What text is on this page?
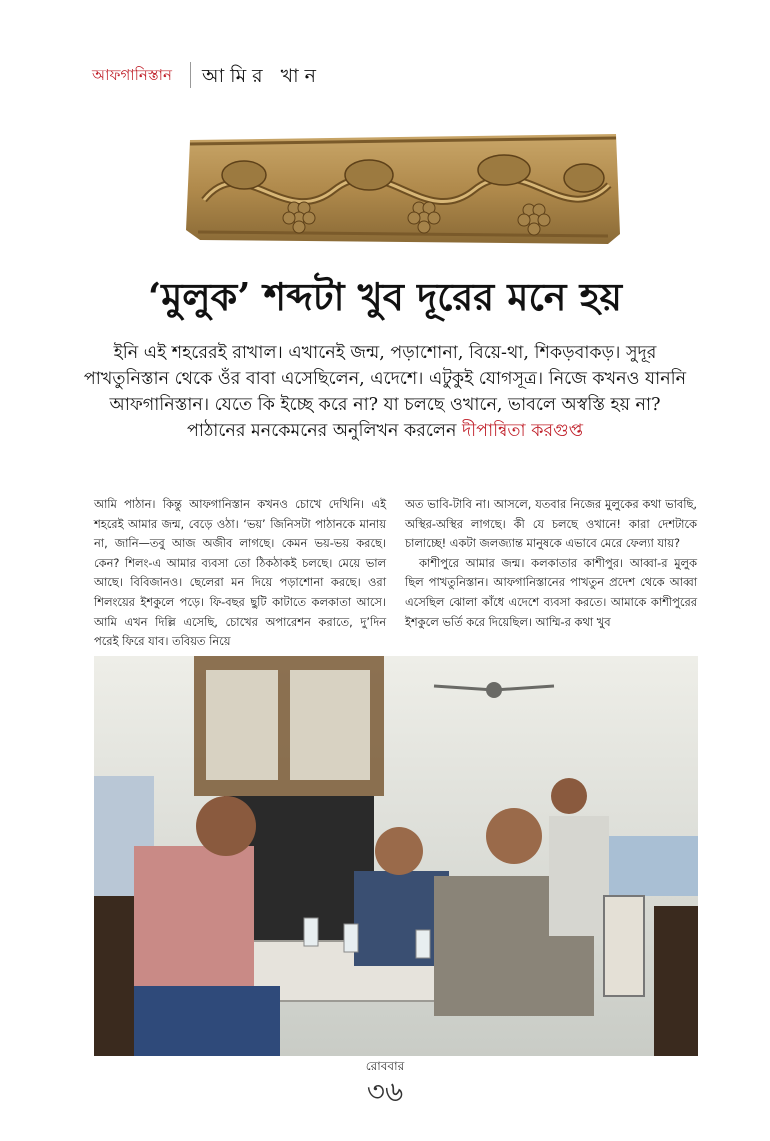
আফগানিস্তান আমির খান
‘মুলুক’ শব্দটা খুব দূরের মনে হয়
ইনি এই শহরেরই রাখাল। এখানেই জন্ম, পড়াশোনা, বিয়ে-থা, শিকড়বাকড়। সুদূর পাখতুনিস্তান থেকে ওঁর বাবা এসেছিলেন, এদেশে। এটুকুই যোগসূত্র। নিজে কখনও যাননি আফগানিস্তান। যেতে কি ইচ্ছে করে না? যা চলছে ওখানে, ভাবলে অস্বস্তি হয় না? পাঠানের মনকেমনের অনুলিখন করলেন দীপান্বিতা করগুপ্ত

আমি পাঠান। কিন্তু আফগানিস্তান কখনও চোখে দেখিনি। এই শহরেই আমার জন্ম, বেড়ে ওঠা। ‘ভয়’ জিনিসটা পাঠানকে মানায় না, জানি—তবু আজ অজীব লাগছে। কেমন ভয়-ভয় করছে। কেন? শিলং-এ আমার ব্যবসা তো ঠিকঠাকই চলছে। মেয়ে ভাল আছে। বিবিজানও। ছেলেরা মন দিয়ে পড়াশোনা করছে। ওরা শিলংয়ের ইশকুলে পড়ে। ফি-বছর ছুটি কাটাতে কলকাতা আসে। আমি এখন দিল্লি এসেছি, চোখের অপারেশন করাতে, দু’দিন পরেই ফিরে যাব। তবিয়ত নিয়ে

অত ভাবি-টাবি না। আসলে, যতবার নিজের মুলুকের কথা ভাবছি, অস্থির-অস্থির লাগছে। কী যে চলছে ওখানে! কারা দেশটাকে চালাচ্ছে! একটা জলজ্যান্ত মানুষকে এভাবে মেরে ফেল্যা যায়?

কাশীপুরে আমার জন্ম। কলকাতার কাশীপুর। আব্বা-র মুলুক ছিল পাখতুনিস্তান। আফগানিস্তানের পাখতুন প্রদেশ থেকে আব্বা এসেছিল ঝোলা কাঁধে এদেশে ব্যবসা করতে। আমাকে কাশীপুরের ইশকুলে ভর্তি করে দিয়েছিল। আম্মি-র কথা খুব

রোববার
৩৬
